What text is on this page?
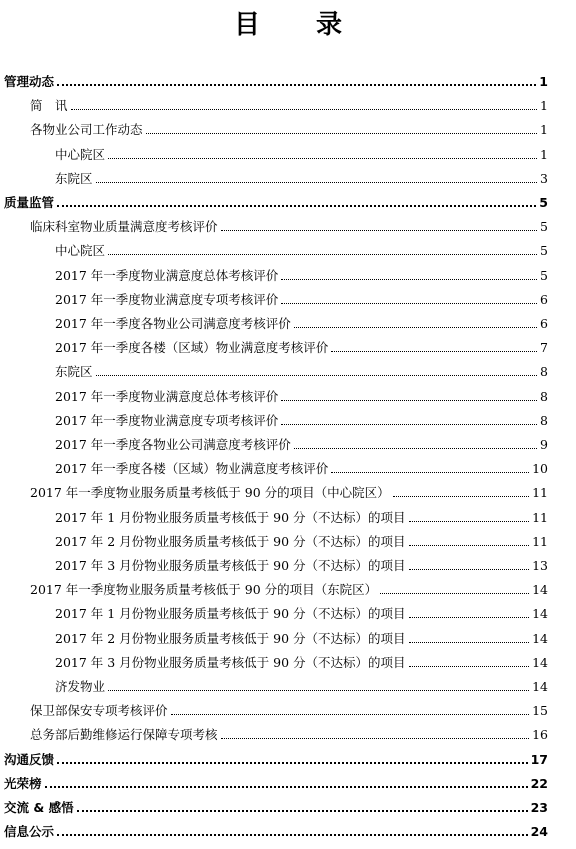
目 录
管理动态	1
简　讯	1
各物业公司工作动态	1
中心院区	1
东院区	3
质量监管	5
临床科室物业质量满意度考核评价	5
中心院区	5
2017 年一季度物业满意度总体考核评价	5
2017 年一季度物业满意度专项考核评价	6
2017 年一季度各物业公司满意度考核评价	6
2017 年一季度各楼（区域）物业满意度考核评价	7
东院区	8
2017 年一季度物业满意度总体考核评价	8
2017 年一季度物业满意度专项考核评价	8
2017 年一季度各物业公司满意度考核评价	9
2017 年一季度各楼（区域）物业满意度考核评价	10
2017 年一季度物业服务质量考核低于 90 分的项目（中心院区）	11
2017 年 1 月份物业服务质量考核低于 90 分（不达标）的项目	11
2017 年 2 月份物业服务质量考核低于 90 分（不达标）的项目	11
2017 年 3 月份物业服务质量考核低于 90 分（不达标）的项目	13
2017 年一季度物业服务质量考核低于 90 分的项目（东院区）	14
2017 年 1 月份物业服务质量考核低于 90 分（不达标）的项目	14
2017 年 2 月份物业服务质量考核低于 90 分（不达标）的项目	14
2017 年 3 月份物业服务质量考核低于 90 分（不达标）的项目	14
济发物业	14
保卫部保安专项考核评价	15
总务部后勤维修运行保障专项考核	16
沟通反馈	17
光荣榜	22
交流 & 感悟	23
信息公示	24
